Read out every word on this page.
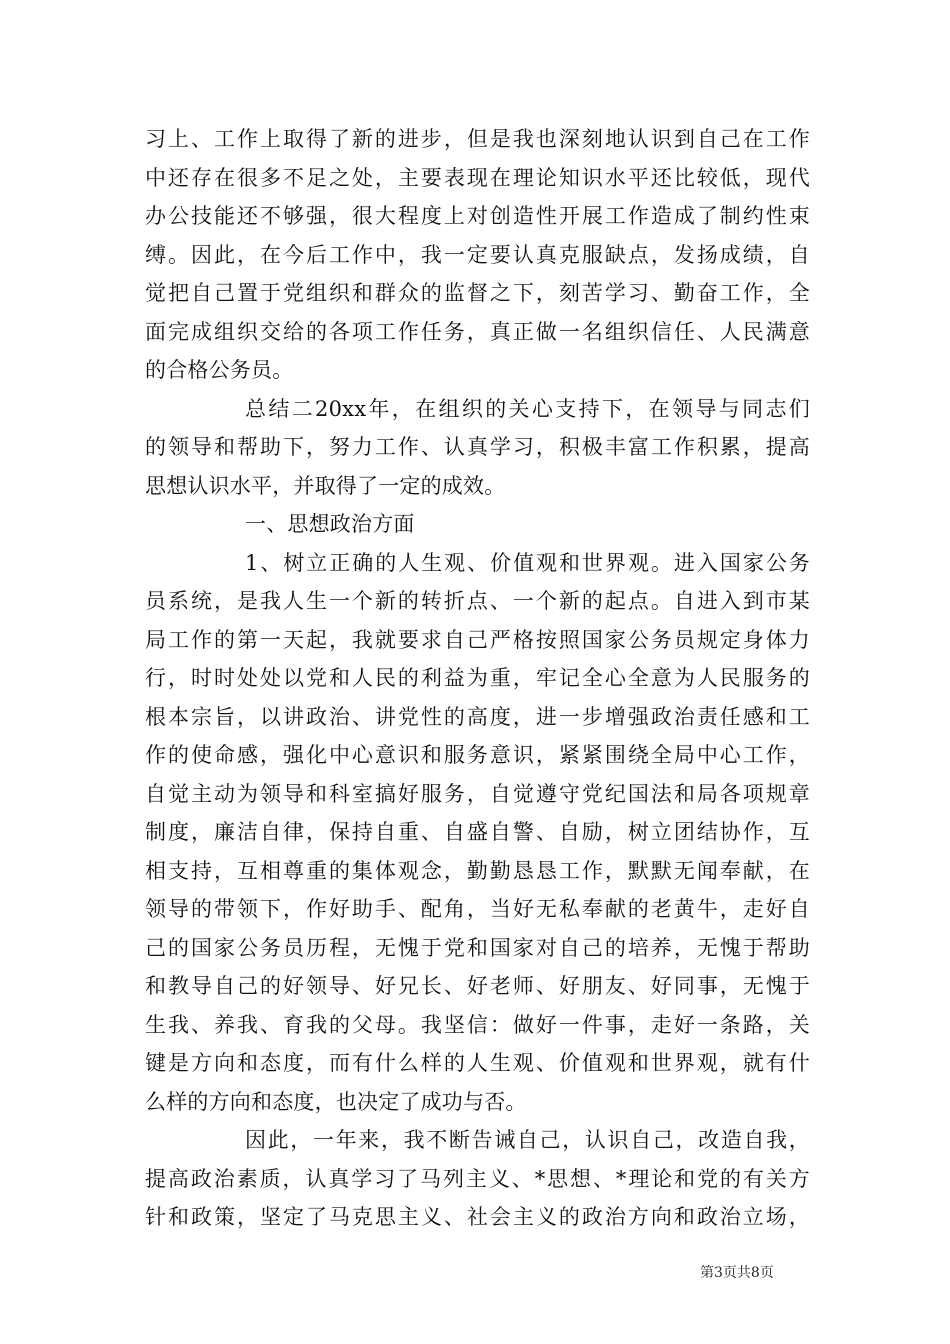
习上、工作上取得了新的进步，但是我也深刻地认识到自己在工作
中还存在很多不足之处，主要表现在理论知识水平还比较低，现代
办公技能还不够强，很大程度上对创造性开展工作造成了制约性束
缚。因此，在今后工作中，我一定要认真克服缺点，发扬成绩，自
觉把自己置于党组织和群众的监督之下，刻苦学习、勤奋工作，全
面完成组织交给的各项工作任务，真正做一名组织信任、人民满意
的合格公务员。
总结二20xx年，在组织的关心支持下，在领导与同志们
的领导和帮助下，努力工作、认真学习，积极丰富工作积累，提高
思想认识水平，并取得了一定的成效。
一、思想政治方面
1、树立正确的人生观、价值观和世界观。进入国家公务
员系统，是我人生一个新的转折点、一个新的起点。自进入到市某
局工作的第一天起，我就要求自己严格按照国家公务员规定身体力
行，时时处处以党和人民的利益为重，牢记全心全意为人民服务的
根本宗旨，以讲政治、讲党性的高度，进一步增强政治责任感和工
作的使命感，强化中心意识和服务意识，紧紧围绕全局中心工作，
自觉主动为领导和科室搞好服务，自觉遵守党纪国法和局各项规章
制度，廉洁自律，保持自重、自盛自警、自励，树立团结协作，互
相支持，互相尊重的集体观念，勤勤恳恳工作，默默无闻奉献，在
领导的带领下，作好助手、配角，当好无私奉献的老黄牛，走好自
己的国家公务员历程，无愧于党和国家对自己的培养，无愧于帮助
和教导自己的好领导、好兄长、好老师、好朋友、好同事，无愧于
生我、养我、育我的父母。我坚信：做好一件事，走好一条路，关
键是方向和态度，而有什么样的人生观、价值观和世界观，就有什
么样的方向和态度，也决定了成功与否。
因此，一年来，我不断告诫自己，认识自己，改造自我，
提高政治素质，认真学习了马列主义、*思想、*理论和党的有关方
针和政策，坚定了马克思主义、社会主义的政治方向和政治立场，
第3页共8页
